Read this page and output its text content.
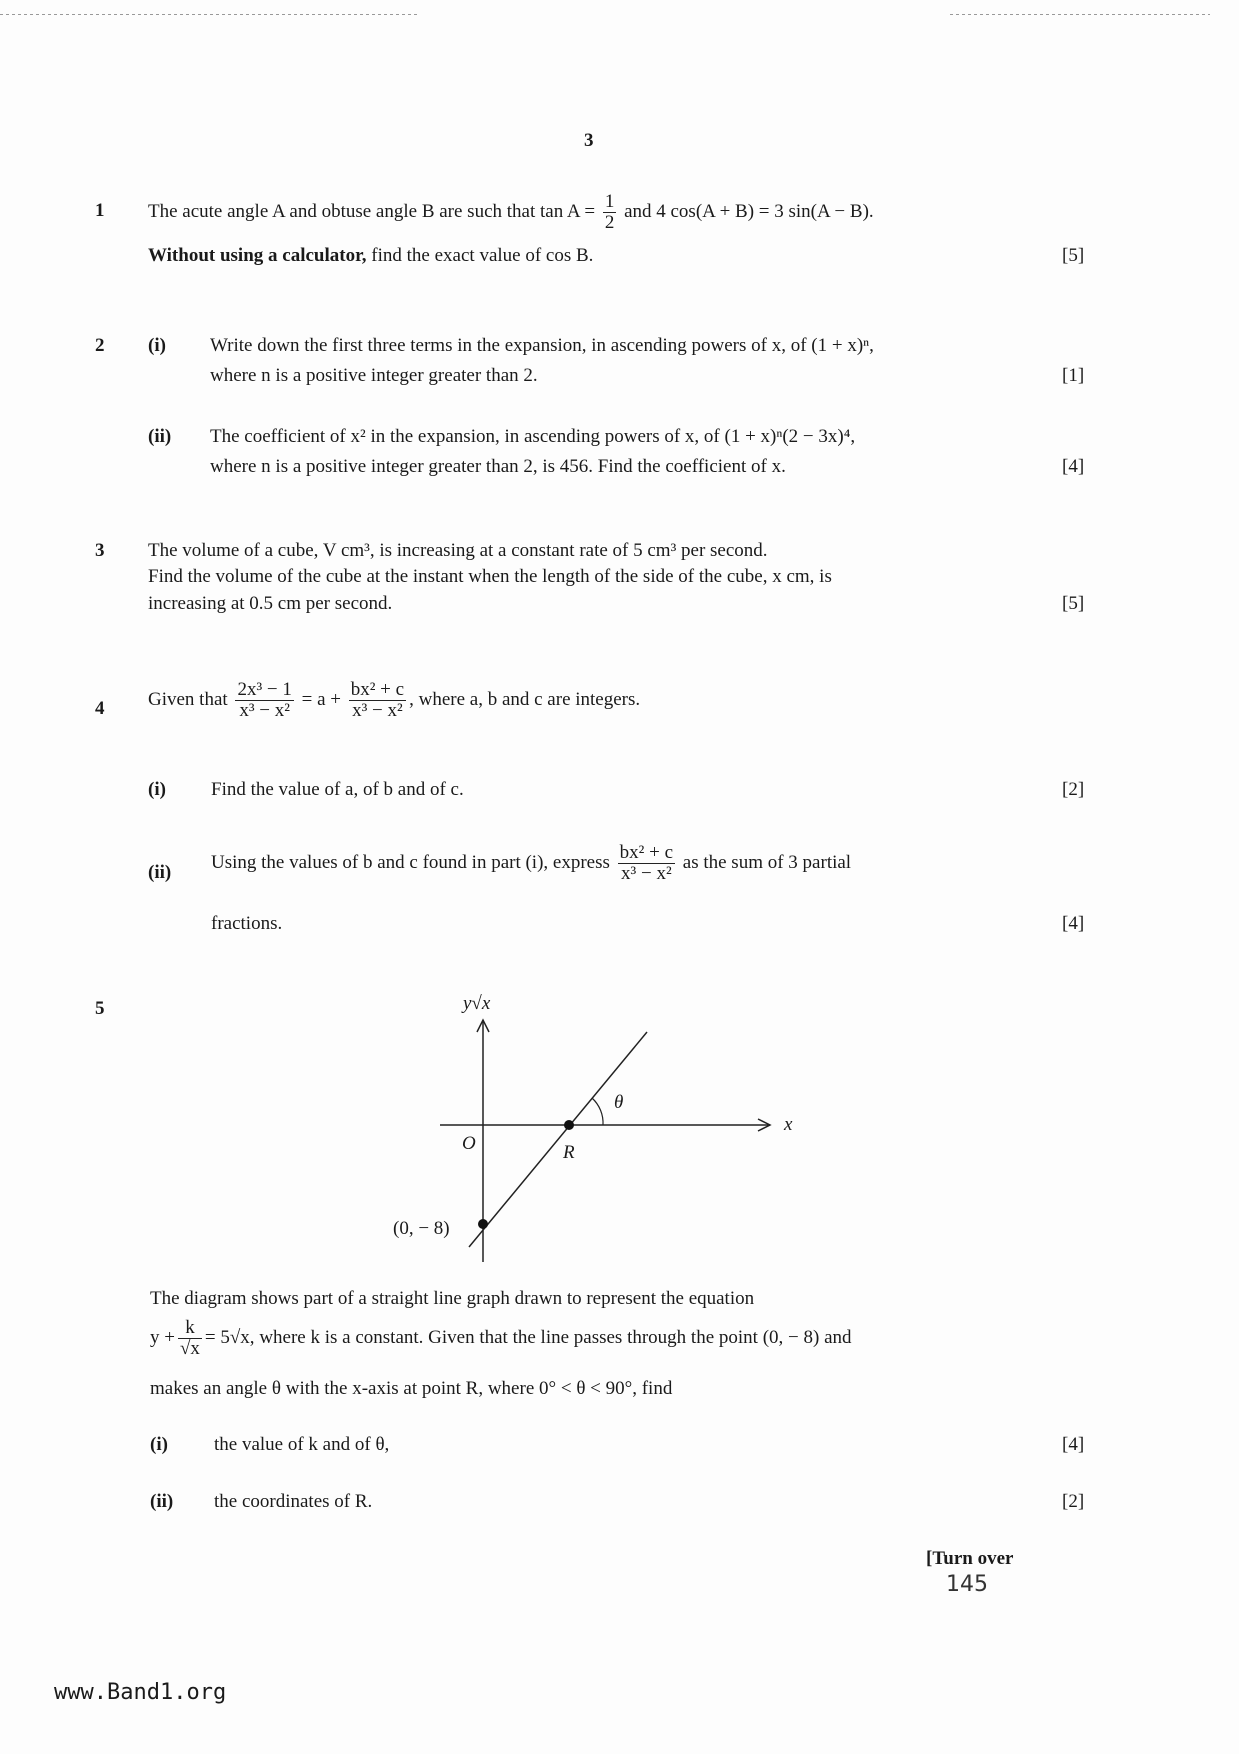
3
1 The acute angle A and obtuse angle B are such that $\tan A = \frac{1}{2}$ and 4 cos(A + B) = 3 sin(A − B).
Without using a calculator, find the exact value of cos B.	[5]
2 (i) Write down the first three terms in the expansion, in ascending powers of x, of (1 + x)ⁿ,
where n is a positive integer greater than 2.	[1]
(ii) The coefficient of x² in the expansion, in ascending powers of x, of (1 + x)ⁿ(2 − 3x)⁴,
where n is a positive integer greater than 2, is 456. Find the coefficient of x.	[4]
3 The volume of a cube, V cm³, is increasing at a constant rate of 5 cm³ per second.
Find the volume of the cube at the instant when the length of the side of the cube, x cm, is
increasing at 0.5 cm per second.	[5]
4 Given that $\frac{\text{2x³ − 1}}{\text{x³ − x²}} = a + \frac{\text{bx² + c}}{\text{x³ − x²}}$ , where a, b and c are integers.
(i) Find the value of a, of b and of c.	[2]
(ii) Using the values of b and c found in part (i), express $\frac{\text{bx² + c}}{\text{x³ − x²}}$ as the sum of 3 partial
fractions.	[4]
5	y√x
x
O	R
θ
(0, − 8)
The diagram shows part of a straight line graph drawn to represent the equation
$y + \frac{k}{√x} = 5√x$, where k is a constant. Given that the line passes through the point (0, − 8) and
makes an angle θ with the x-axis at point R, where 0° < θ < 90°, find
(i) the value of k and of θ,	[4]
(ii) the coordinates of R.	[2]
[Turn over
145
www.Band1.org
